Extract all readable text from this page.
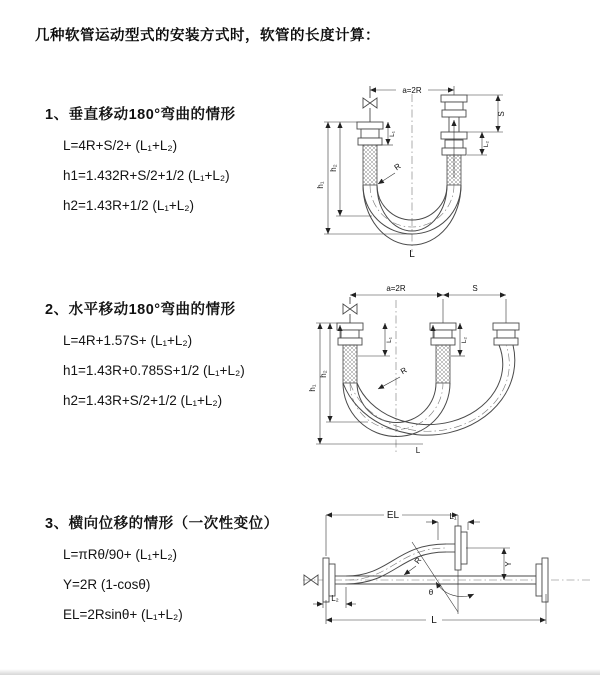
几种软管运动型式的安装方式时，软管的长度计算：
1、垂直移动180°弯曲的情形
L=4R+S/2+ (L₁+L₂)
h1=1.432R+S/2+1/2 (L₁+L₂)
h2=1.43R+1/2 (L₁+L₂)
a=2R
h₁
h₂
L₁
S
L₂
R
L
2、水平移动180°弯曲的情形
L=4R+1.57S+ (L₁+L₂)
h1=1.43R+0.785S+1/2 (L₁+L₂)
h2=1.43R+S/2+1/2 (L₁+L₂)
a=2R	S
h₁
h₂
L₁	L₂
R
L
3、横向位移的情形（一次性变位）
L=πRθ/90+ (L₁+L₂)
Y=2R (1-cosθ)
EL=2Rsinθ+ (L₁+L₂)
EL	L₁
Y
θ
R
L₂
L
